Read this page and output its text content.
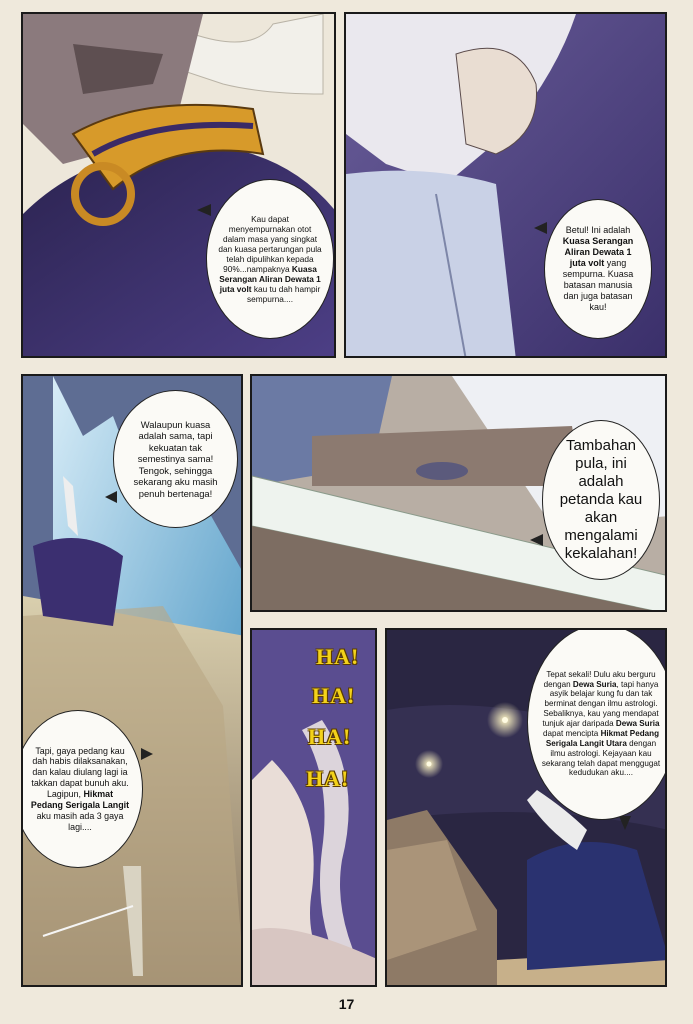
Kau dapat menyempurnakan otot dalam masa yang singkat dan kuasa pertarungan pula telah dipulihkan kepada 90%...nampaknya Kuasa Serangan Aliran Dewata 1 juta volt kau tu dah hampir sempurna....
Betul! Ini adalah Kuasa Serangan Aliran Dewata 1 juta volt yang sempurna. Kuasa batasan manusia dan juga batasan kau!
Walaupun kuasa adalah sama, tapi kekuatan tak semestinya sama! Tengok, sehingga sekarang aku masih penuh bertenaga!
Tapi, gaya pedang kau dah habis dilaksanakan, dan kalau diulang lagi ia takkan dapat bunuh aku. Lagipun, Hikmat Pedang Serigala Langit aku masih ada 3 gaya lagi....
Tambahan pula, ini adalah petanda kau akan mengalami kekalahan!
HA!
HA!
HA!
HA!
Tepat sekali! Dulu aku berguru dengan Dewa Suria, tapi hanya asyik belajar kung fu dan tak berminat dengan ilmu astrologi. Sebaliknya, kau yang mendapat tunjuk ajar daripada Dewa Suria dapat mencipta Hikmat Pedang Serigala Langit Utara dengan ilmu astrologi. Kejayaan kau sekarang telah dapat menggugat kedudukan aku....
17
